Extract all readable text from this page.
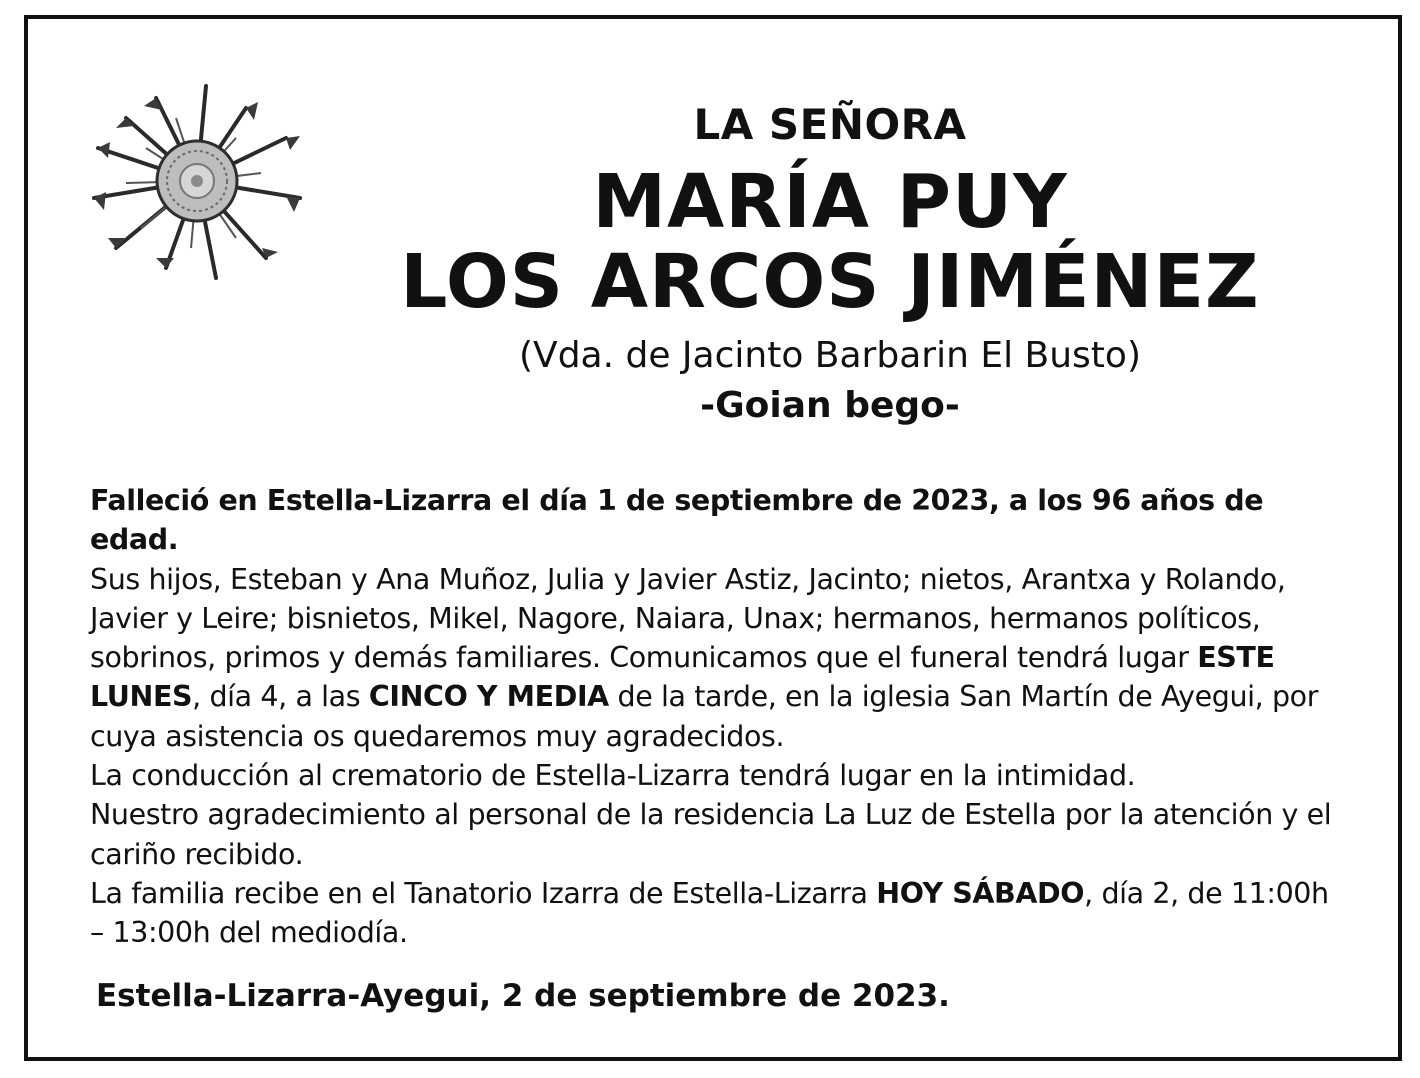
LA SEÑORA
MARÍA PUY
LOS ARCOS JIMÉNEZ
(Vda. de Jacinto Barbarin El Busto)
-Goian bego-

Falleció en Estella-Lizarra el día 1 de septiembre de 2023, a los 96 años de edad.

Sus hijos, Esteban y Ana Muñoz, Julia y Javier Astiz, Jacinto; nietos, Arantxa y Rolando, Javier y Leire; bisnietos, Mikel, Nagore, Naiara, Unax; hermanos, hermanos políticos, sobrinos, primos y demás familiares. Comunicamos que el funeral tendrá lugar ESTE LUNES, día 4, a las CINCO Y MEDIA de la tarde, en la iglesia San Martín de Ayegui, por cuya asistencia os quedaremos muy agradecidos.

La conducción al crematorio de Estella-Lizarra tendrá lugar en la intimidad.

Nuestro agradecimiento al personal de la residencia La Luz de Estella por la atención y el cariño recibido.

La familia recibe en el Tanatorio Izarra de Estella-Lizarra HOY SÁBADO, día 2, de 11:00h – 13:00h del mediodía.

Estella-Lizarra-Ayegui, 2 de septiembre de 2023.
